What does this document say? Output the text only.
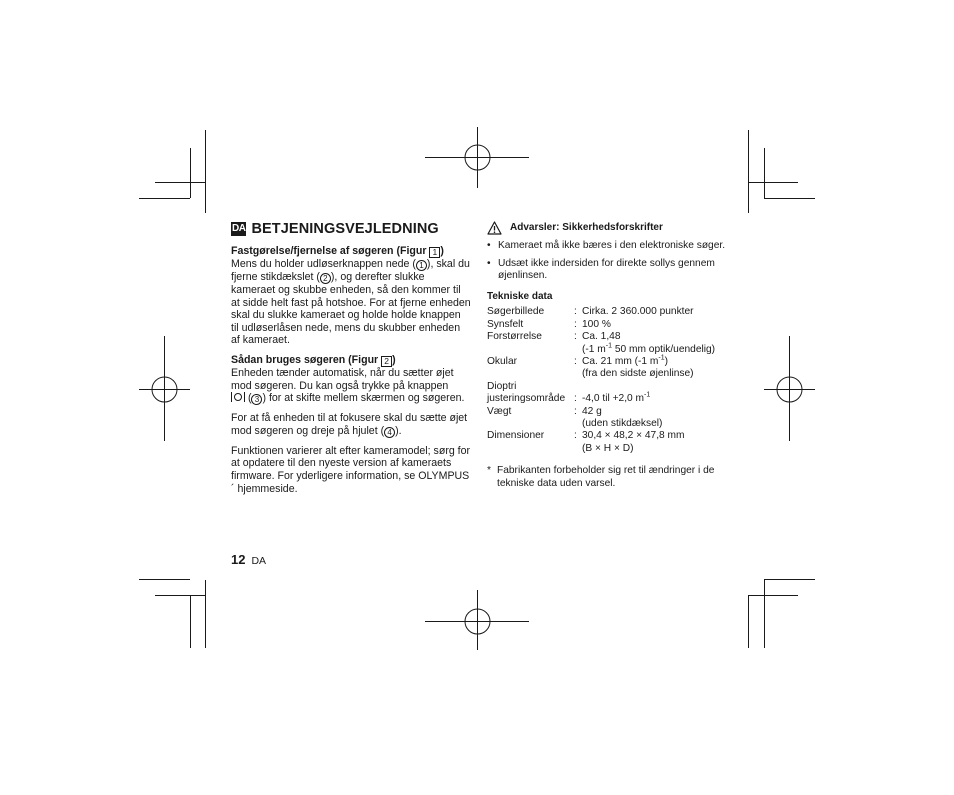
DA BETJENINGSVEJLEDNING
Fastgørelse/fjernelse af søgeren (Figur 1 )

Mens du holder udløserknappen nede ( 1 ), skal du fjerne stikdækslet ( 2 ), og derefter slukke kameraet og skubbe enheden, så den kommer til at sidde helt fast på hotshoe. For at fjerne enheden skal du slukke kameraet og holde holde knappen til udløserlåsen nede, mens du skubber enheden af kameraet.

Sådan bruges søgeren (Figur 2 )

Enheden tænder automatisk, når du sætter øjet mod søgeren. Du kan også trykke på knappen

( 3 ) for at skifte mellem skærmen og søgeren.

For at få enheden til at fokusere skal du sætte øjet mod søgeren og dreje på hjulet ( 4 ).

Funktionen varierer alt efter kameramodel; sørg for at opdatere til den nyeste version af kameraets firmware. For yderligere information, se OLYMPUS´ hjemmeside.

Advarsler: Sikkerhedsforskrifter
• Kameraet må ikke bæres i den elektroniske søger.
• Udsæt ikke indersiden for direkte sollys gennem øjenlinsen.
Tekniske data
Søgerbillede	:	Cirka. 2 360.000 punkter
Synsfelt	:	100 %
Forstørrelse	:	Ca. 1,48
		(-1 $m^{-1}$ 50 mm optik/uendelig)
Okular	:	Ca. 21 mm (-1 $m^{-1}$)
		(fra den sidste øjenlinse)
Dioptri		
justeringsområde	:	-4,0 til +2,0 $m^{-1}$
Vægt	:	42 g
		(uden stikdæksel)
Dimensioner	:	30,4 × 48,2 × 47,8 mm
		(B × H × D)
* Fabrikanten forbeholder sig ret til ændringer i de tekniske data uden varsel.
12 DA
